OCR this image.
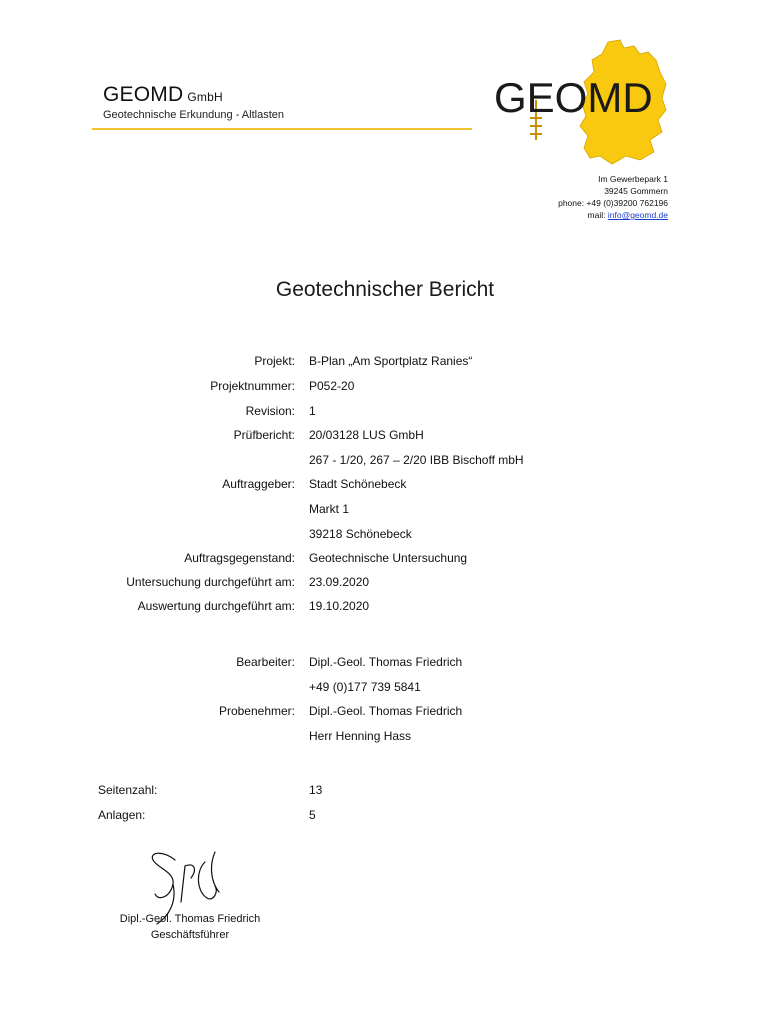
GEOMD GmbH
Geotechnische Erkundung - Altlasten	GEOMD
Im Gewerbepark 1
39245 Gommern
phone: +49 (0)39200 762196
mail: info@geomd.de
Geotechnischer Bericht
Projekt: B-Plan „Am Sportplatz Ranies“
Projektnummer: P052-20
Revision: 1
Prüfbericht: 20/03128 LUS GmbH
267 - 1/20, 267 – 2/20 IBB Bischoff mbH
Auftraggeber: Stadt Schönebeck
Markt 1
39218 Schönebeck
Auftragsgegenstand: Geotechnische Untersuchung
Untersuchung durchgeführt am: 23.09.2020
Auswertung durchgeführt am: 19.10.2020
Bearbeiter: Dipl.-Geol. Thomas Friedrich
+49 (0)177 739 5841
Probenehmer: Dipl.-Geol. Thomas Friedrich
Herr Henning Hass
Seitenzahl:	13
Anlagen:	5
Dipl.-Geol. Thomas Friedrich
Geschäftsführer
